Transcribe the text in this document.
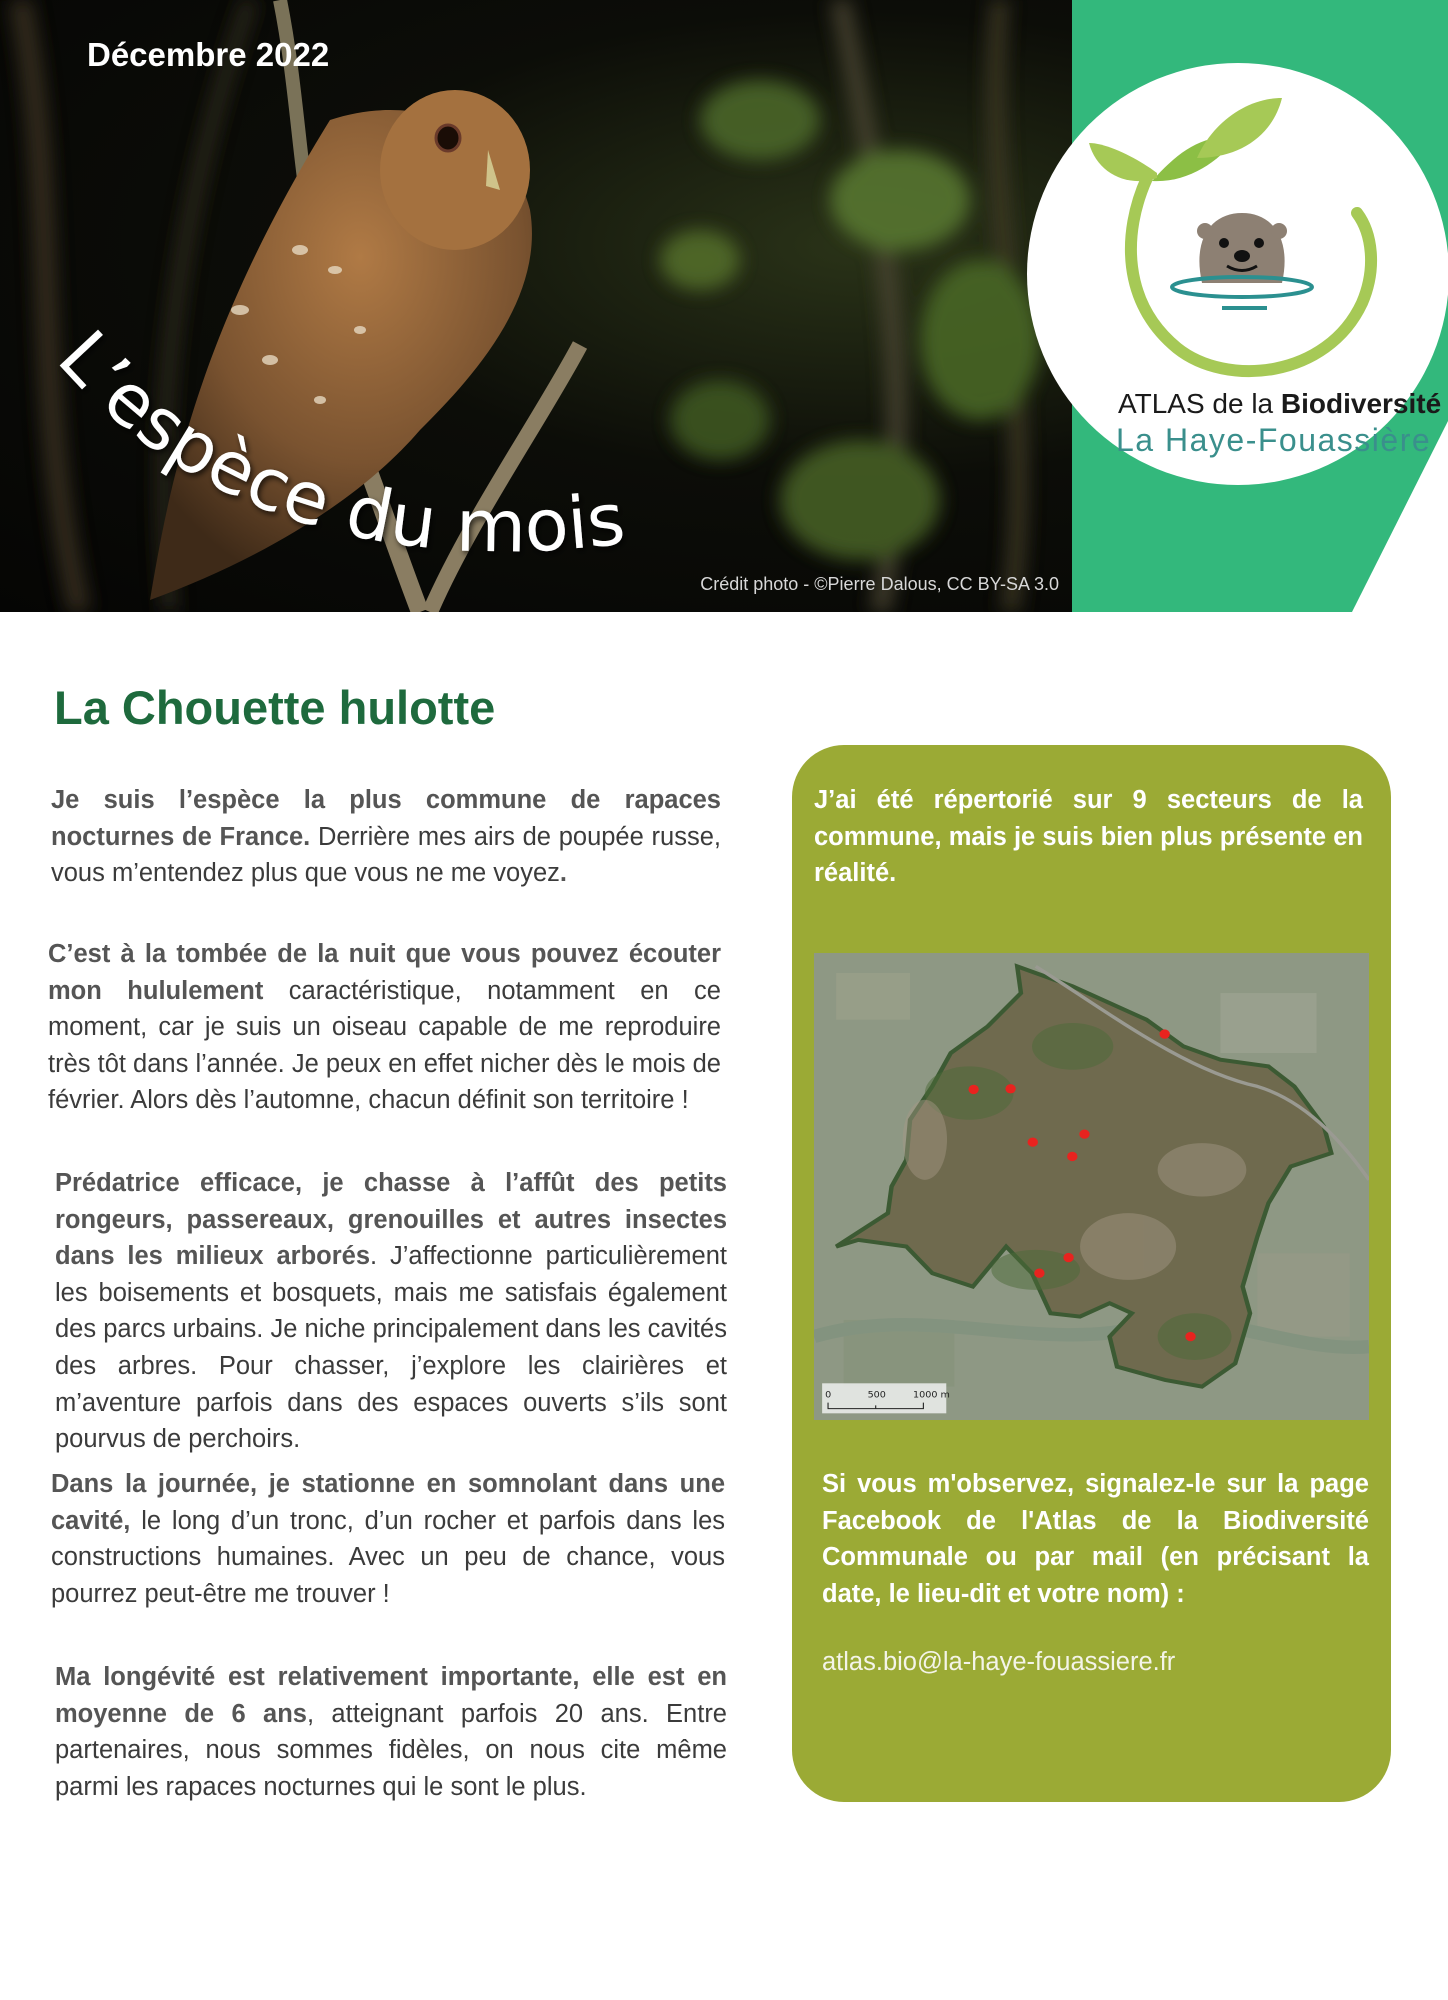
ATLAS de la Biodiversité
La Haye-Fouassière
Décembre 2022
L’espèce du mois
Crédit photo - ©Pierre Dalous, CC BY-SA 3.0
La Chouette hulotte

Je suis l’espèce la plus commune de rapaces nocturnes de France. Derrière mes airs de poupée russe, vous m’entendez plus que vous ne me voyez.

C’est à la tombée de la nuit que vous pouvez écouter mon hululement caractéristique, notamment en ce moment, car je suis un oiseau capable de me reproduire très tôt dans l’année. Je peux en effet nicher dès le mois de février. Alors dès l’automne, chacun définit son territoire !

Prédatrice efficace, je chasse à l’affût des petits rongeurs, passereaux, grenouilles et autres insectes dans les milieux arborés. J’affectionne particulièrement les boisements et bosquets, mais me satisfais également des parcs urbains. Je niche principalement dans les cavités des arbres. Pour chasser, j’explore les clairières et m’aventure parfois dans des espaces ouverts s’ils sont pourvus de perchoirs.

Dans la journée, je stationne en somnolant dans une cavité, le long d’un tronc, d’un rocher et parfois dans les constructions humaines. Avec un peu de chance, vous pourrez peut-être me trouver !

Ma longévité est relativement importante, elle est en moyenne de 6 ans, atteignant parfois 20 ans. Entre partenaires, nous sommes fidèles, on nous cite même parmi les rapaces nocturnes qui le sont le plus.

J’ai été répertorié sur 9 secteurs de la commune, mais je suis bien plus présente en réalité.

0 500 1000 m

Si vous m'observez, signalez-le sur la page Facebook de l'Atlas de la Biodiversité Communale ou par mail (en précisant la date, le lieu-dit et votre nom) :

atlas.bio@la-haye-fouassiere.fr
